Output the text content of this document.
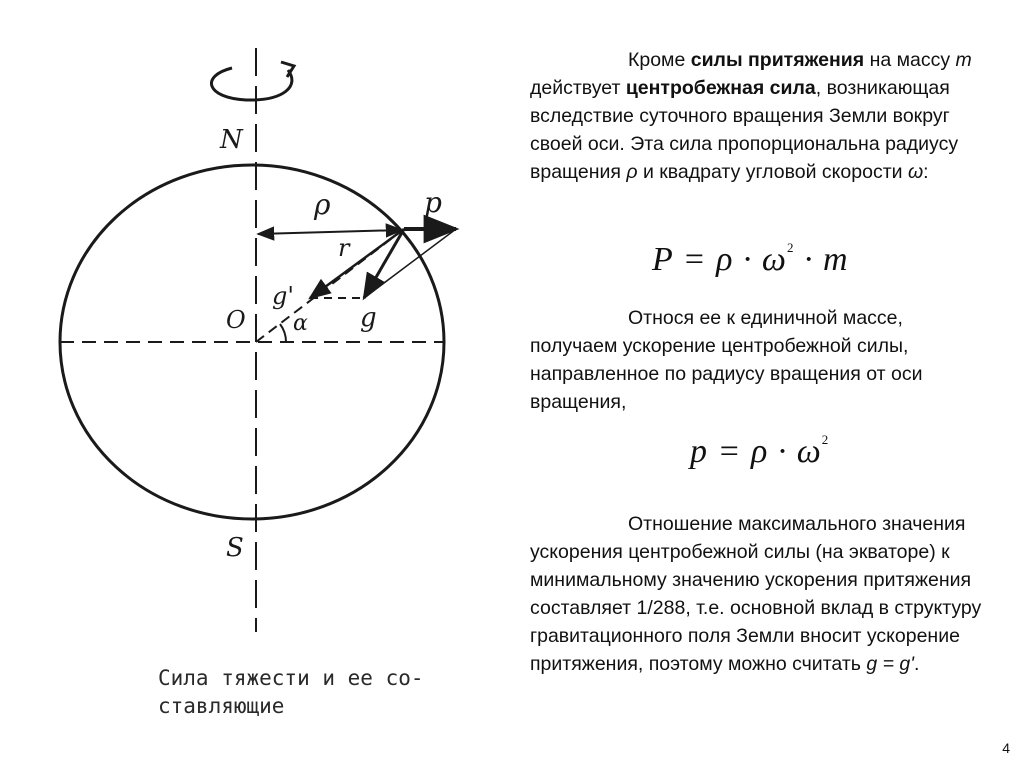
N
S
O
ρ	p
r
g'
α g

Сила тяжести и ее со-
ставляющие

Кроме силы притяжения на массу m действует центробежная сила, возникающая вследствие суточного вращения Земли вокруг своей оси. Эта сила пропорциональна радиусу вращения ρ и квадрату угловой скорости ω:

$P = \rho \cdot \omega^2 \cdot m$

Относя ее к единичной массе, получаем ускорение центробежной силы, направленное по радиусу вращения от оси вращения,

$p = \rho \cdot \omega^2$

Отношение максимального значения ускорения центробежной силы (на экваторе) к минимальному значению ускорения притяжения составляет 1/288, т.е. основной вклад в структуру гравитационного поля Земли вносит ускорение притяжения, поэтому можно считать g = g'.

4
